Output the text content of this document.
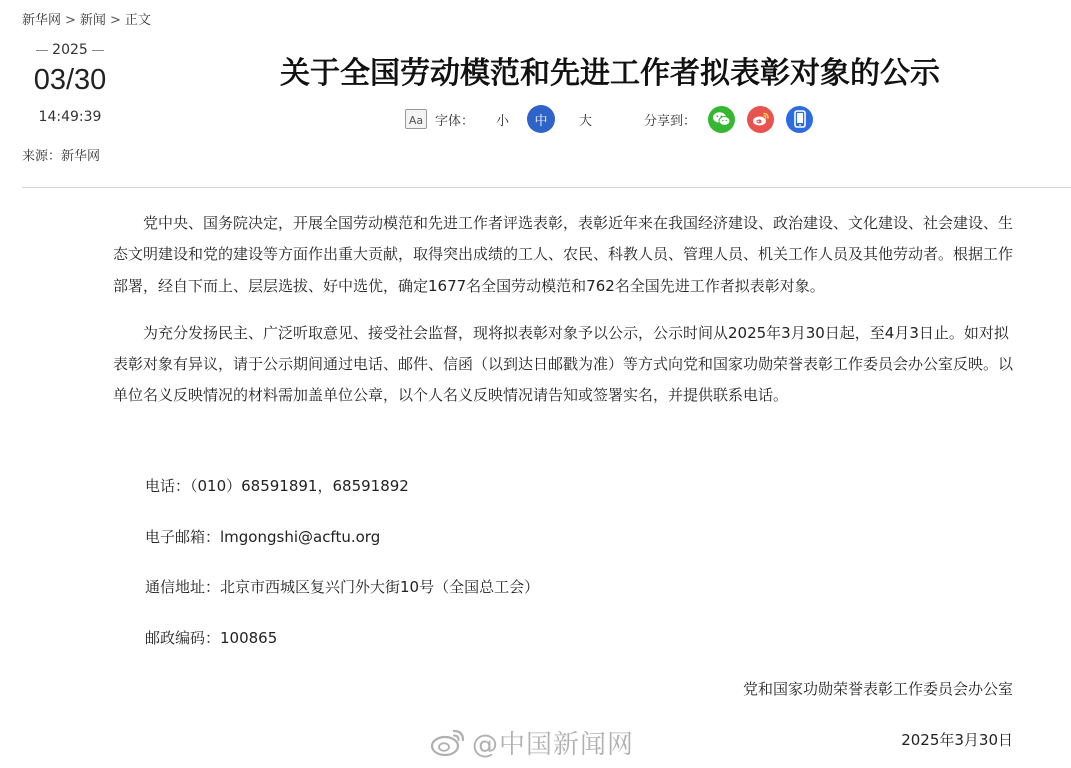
新华网 > 新闻 > 正文
2025
03/30
14:49:39
来源：新华网
关于全国劳动模范和先进工作者拟表彰对象的公示
Aa 字体： 小	中	大	分享到：

党中央、国务院决定，开展全国劳动模范和先进工作者评选表彰，表彰近年来在我国经济建设、政治建设、文化建设、社会建设、生态文明建设和党的建设等方面作出重大贡献，取得突出成绩的工人、农民、科教人员、管理人员、机关工作人员及其他劳动者。根据工作部署，经自下而上、层层选拔、好中选优，确定1677名全国劳动模范和762名全国先进工作者拟表彰对象。

为充分发扬民主、广泛听取意见、接受社会监督，现将拟表彰对象予以公示，公示时间从2025年3月30日起，至4月3日止。如对拟表彰对象有异议，请于公示期间通过电话、邮件、信函（以到达日邮戳为准）等方式向党和国家功勋荣誉表彰工作委员会办公室反映。以单位名义反映情况的材料需加盖单位公章，以个人名义反映情况请告知或签署实名，并提供联系电话。

电话：（010）68591891，68591892

电子邮箱：lmgongshi@acftu.org

通信地址：北京市西城区复兴门外大街10号（全国总工会）

邮政编码：100865

党和国家功勋荣誉表彰工作委员会办公室
@中国新闻网	2025年3月30日
